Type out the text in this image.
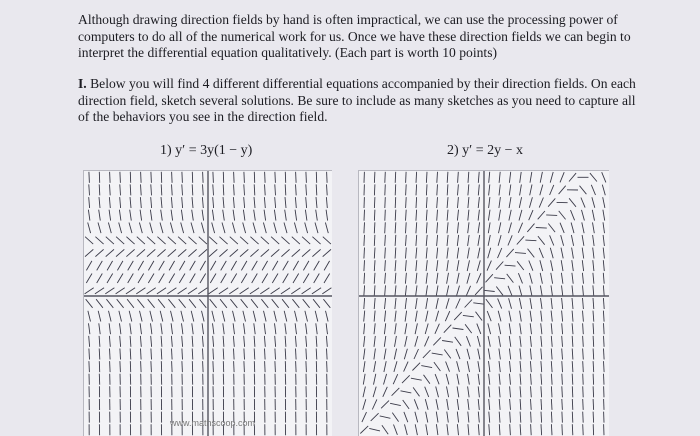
Although drawing direction fields by hand is often impractical, we can use the processing power of computers to do all of the numerical work for us. Once we have these direction fields we can begin to interpret the differential equation qualitatively. (Each part is worth 10 points)

I. Below you will find 4 different differential equations accompanied by their direction fields. On each direction field, sketch several solutions. Be sure to include as many sketches as you need to capture all of the behaviors you see in the direction field.

1) y′ = 3y(1 − y)	2) y′ = 2y − x
www.mathscoop.com
